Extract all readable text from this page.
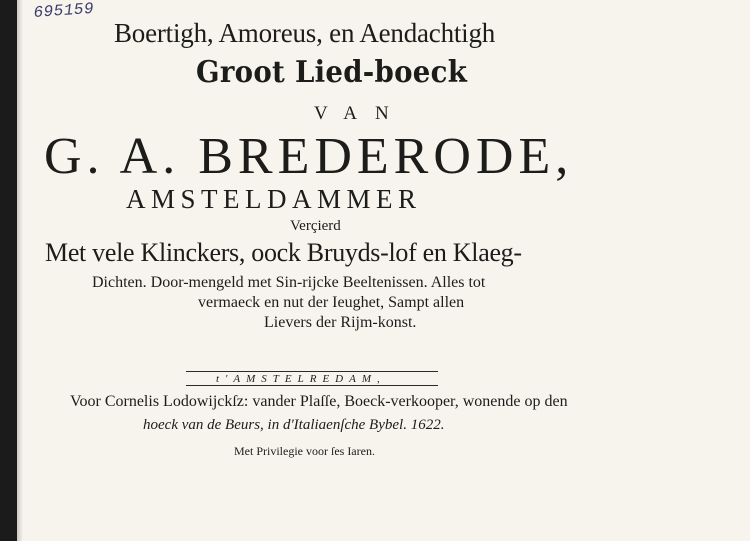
695159
Boertigh, Amoreus, en Aendachtigh
Groot Lied-boeck
VAN
G. A. BREDERODE,
AMSTELDAMMER
Verçierd
Met vele Klinckers, oock Bruyds-lof en Klaeg-
Dichten. Door-mengeld met Sin-rijcke Beeltenissen. Alles tot
vermaeck en nut der Ieughet, Sampt allen
Lievers der Rijm-konst.
t'AMSTELREDAM,
Voor Cornelis Lodowijckſz: vander Plaſſe, Boeck-verkooper, wonende op den
hoeck van de Beurs, in d'Italiaenſche Bybel. 1622.
Met Privilegie voor ſes Iaren.
